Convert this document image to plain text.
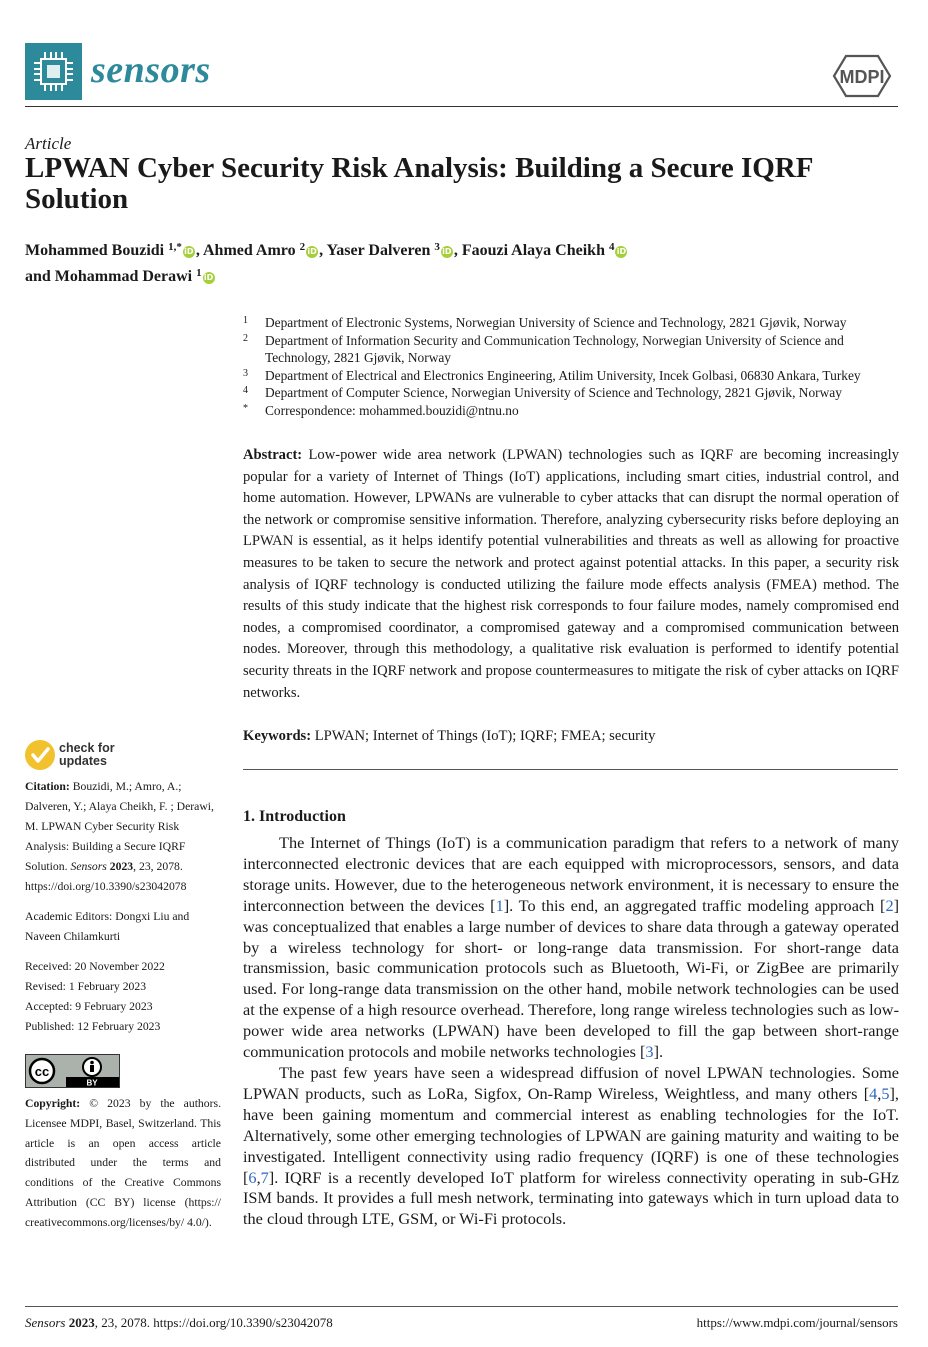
sensors	MDPI
Article
LPWAN Cyber Security Risk Analysis: Building a Secure IQRF Solution
Mohammed Bouzidi $^{1,*}$ iD , Ahmed Amro $^2$ iD , Yaser Dalveren $^3$ iD , Faouzi Alaya Cheikh $^4$ iD
and Mohammad Derawi $^1$ iD
1	Department of Electronic Systems, Norwegian University of Science and Technology, 2821 Gjøvik, Norway
2	Department of Information Security and Communication Technology, Norwegian University of Science and Technology, 2821 Gjøvik, Norway
3	Department of Electrical and Electronics Engineering, Atilim University, Incek Golbasi, 06830 Ankara, Turkey
4	Department of Computer Science, Norwegian University of Science and Technology, 2821 Gjøvik, Norway
*	Correspondence: mohammed.bouzidi@ntnu.no
Abstract: Low-power wide area network (LPWAN) technologies such as IQRF are becoming increasingly popular for a variety of Internet of Things (IoT) applications, including smart cities, industrial control, and home automation. However, LPWANs are vulnerable to cyber attacks that can disrupt the normal operation of the network or compromise sensitive information. Therefore, analyzing cybersecurity risks before deploying an LPWAN is essential, as it helps identify potential vulnerabilities and threats as well as allowing for proactive measures to be taken to secure the network and protect against potential attacks. In this paper, a security risk analysis of IQRF technology is conducted utilizing the failure mode effects analysis (FMEA) method. The results of this study indicate that the highest risk corresponds to four failure modes, namely compromised end nodes, a compromised coordinator, a compromised gateway and a compromised communication between nodes. Moreover, through this methodology, a qualitative risk evaluation is performed to identify potential security threats in the IQRF network and propose countermeasures to mitigate the risk of cyber attacks on IQRF networks.
Keywords: LPWAN; Internet of Things (IoT); IQRF; FMEA; security
check for
updates
Citation: Bouzidi, M.; Amro, A.; Dalveren, Y.; Alaya Cheikh, F. ; Derawi, M. LPWAN Cyber Security Risk Analysis: Building a Secure IQRF Solution. Sensors 2023, 23, 2078. https://doi.org/10.3390/s23042078
Academic Editors: Dongxi Liu and Naveen Chilamkurti
Received: 20 November 2022
Revised: 1 February 2023
Accepted: 9 February 2023
Published: 12 February 2023
cc
BY
Copyright: © 2023 by the authors. Licensee MDPI, Basel, Switzerland. This article is an open access article distributed under the terms and conditions of the Creative Commons Attribution (CC BY) license (https:// creativecommons.org/licenses/by/ 4.0/).
1. Introduction

The Internet of Things (IoT) is a communication paradigm that refers to a network of many interconnected electronic devices that are each equipped with microprocessors, sensors, and data storage units. However, due to the heterogeneous network environment, it is necessary to ensure the interconnection between the devices [1]. To this end, an aggregated traffic modeling approach [2] was conceptualized that enables a large number of devices to share data through a gateway operated by a wireless technology for short- or long-range data transmission. For short-range data transmission, basic communication protocols such as Bluetooth, Wi-Fi, or ZigBee are primarily used. For long-range data transmission on the other hand, mobile network technologies can be used at the expense of a high resource overhead. Therefore, long range wireless technologies such as low-power wide area networks (LPWAN) have been developed to fill the gap between short-range communication protocols and mobile networks technologies [3].

The past few years have seen a widespread diffusion of novel LPWAN technologies. Some LPWAN products, such as LoRa, Sigfox, On-Ramp Wireless, Weightless, and many others [4,5], have been gaining momentum and commercial interest as enabling technologies for the IoT. Alternatively, some other emerging technologies of LPWAN are gaining maturity and waiting to be investigated. Intelligent connectivity using radio frequency (IQRF) is one of these technologies [6,7]. IQRF is a recently developed IoT platform for wireless connectivity operating in sub-GHz ISM bands. It provides a full mesh network, terminating into gateways which in turn upload data to the cloud through LTE, GSM, or Wi-Fi protocols.

Sensors 2023, 23, 2078. https://doi.org/10.3390/s23042078	https://www.mdpi.com/journal/sensors
